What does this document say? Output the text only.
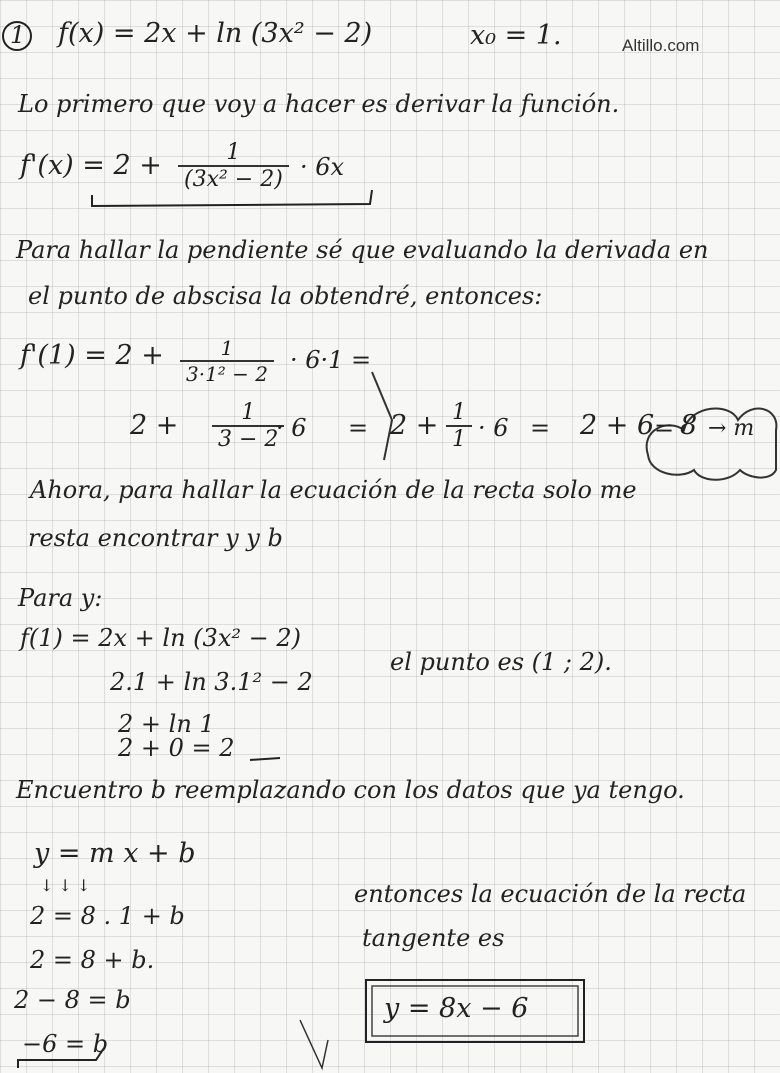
Altillo.com
1 f(x) = 2x + ln (3x² − 2)	x₀ = 1.
Lo primero que voy a hacer es derivar la función.
$f'(x) = 2 + \frac{1}{\text{(3x² − 2)}} \cdot 6x$
Para hallar la pendiente sé que evaluando la derivada en
el punto de abscisa la obtendré, entonces:
$f'(1) = 2 + \frac{1}{\text{3·1² − 2}} \cdot 6\cdot 1$ =
$2 + \frac{1}{3 - 2}$
· $6 = 2 + \frac{1}{1} \cdot 6 = 2 + 6 = 8 \to m$
Ahora, para hallar la ecuación de la recta solo me
resta encontrar y y b
Para y:
f(1) = 2x + ln (3x² − 2)
2.1 + ln 3.1² − 2
2 + ln 1
2 + 0 = 2
el punto es (1 ; 2).
Encuentro b reemplazando con los datos que ya tengo.
y = m x + b
↓ ↓ ↓
2 = 8 . 1 + b
2 = 8 + b.
2 − 8 = b
−6 = b
entonces la ecuación de la recta
tangente es
y = 8x − 6
